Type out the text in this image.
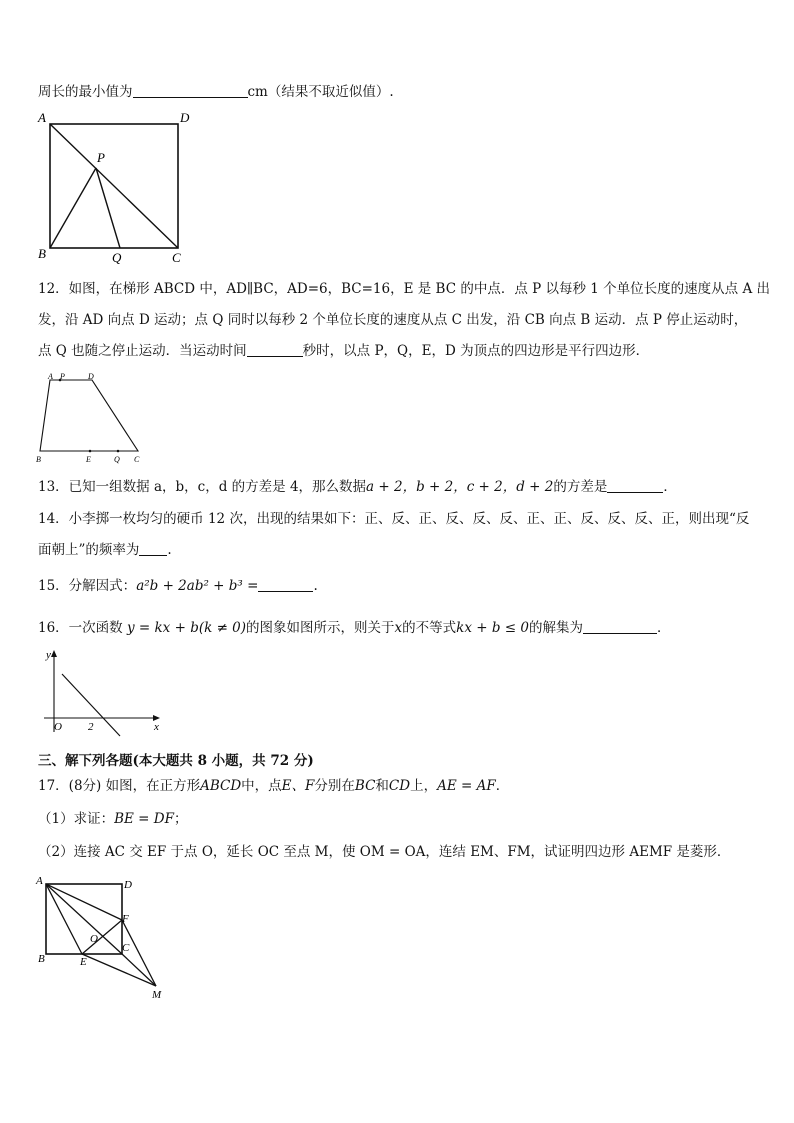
周长的最小值为	cm（结果不取近似值）.
A	D
P
B	Q	C
12．如图，在梯形 ABCD 中，AD∥BC，AD=6，BC=16，E 是 BC 的中点．点 P 以每秒 1 个单位长度的速度从点 A 出
发，沿 AD 向点 D 运动；点 Q 同时以每秒 2 个单位长度的速度从点 C 出发，沿 CB 向点 B 运动．点 P 停止运动时，
点 Q 也随之停止运动．当运动时间	秒时，以点 P，Q，E，D 为顶点的四边形是平行四边形．
A P	D
B	E	Q C
13．已知一组数据 a，b，c，d 的方差是 4，那么数据a + 2，b + 2，c + 2，d + 2的方差是	．
14．小李掷一枚均匀的硬币 12 次，出现的结果如下：正、反、正、反、反、反、正、正、反、反、反、正，则出现“反
面朝上”的频率为 .
15．分解因式：a²b + 2ab² + b³ =	.
16．一次函数 y = kx + b(k ≠ 0)的图象如图所示，则关于x的不等式kx + b ≤ 0的解集为	．
y
x
O 2
三、解下列各题(本大题共 8 小题，共 72 分)
17．(8分) 如图，在正方形ABCD中，点E、F分别在BC和CD上，AE = AF．
（1）求证：BE = DF；
（2）连接 AC 交 EF 于点 O，延长 OC 至点 M，使 OM = OA，连结 EM、FM，试证明四边形 AEMF 是菱形．
A	D
F
O
C
B	E
M
